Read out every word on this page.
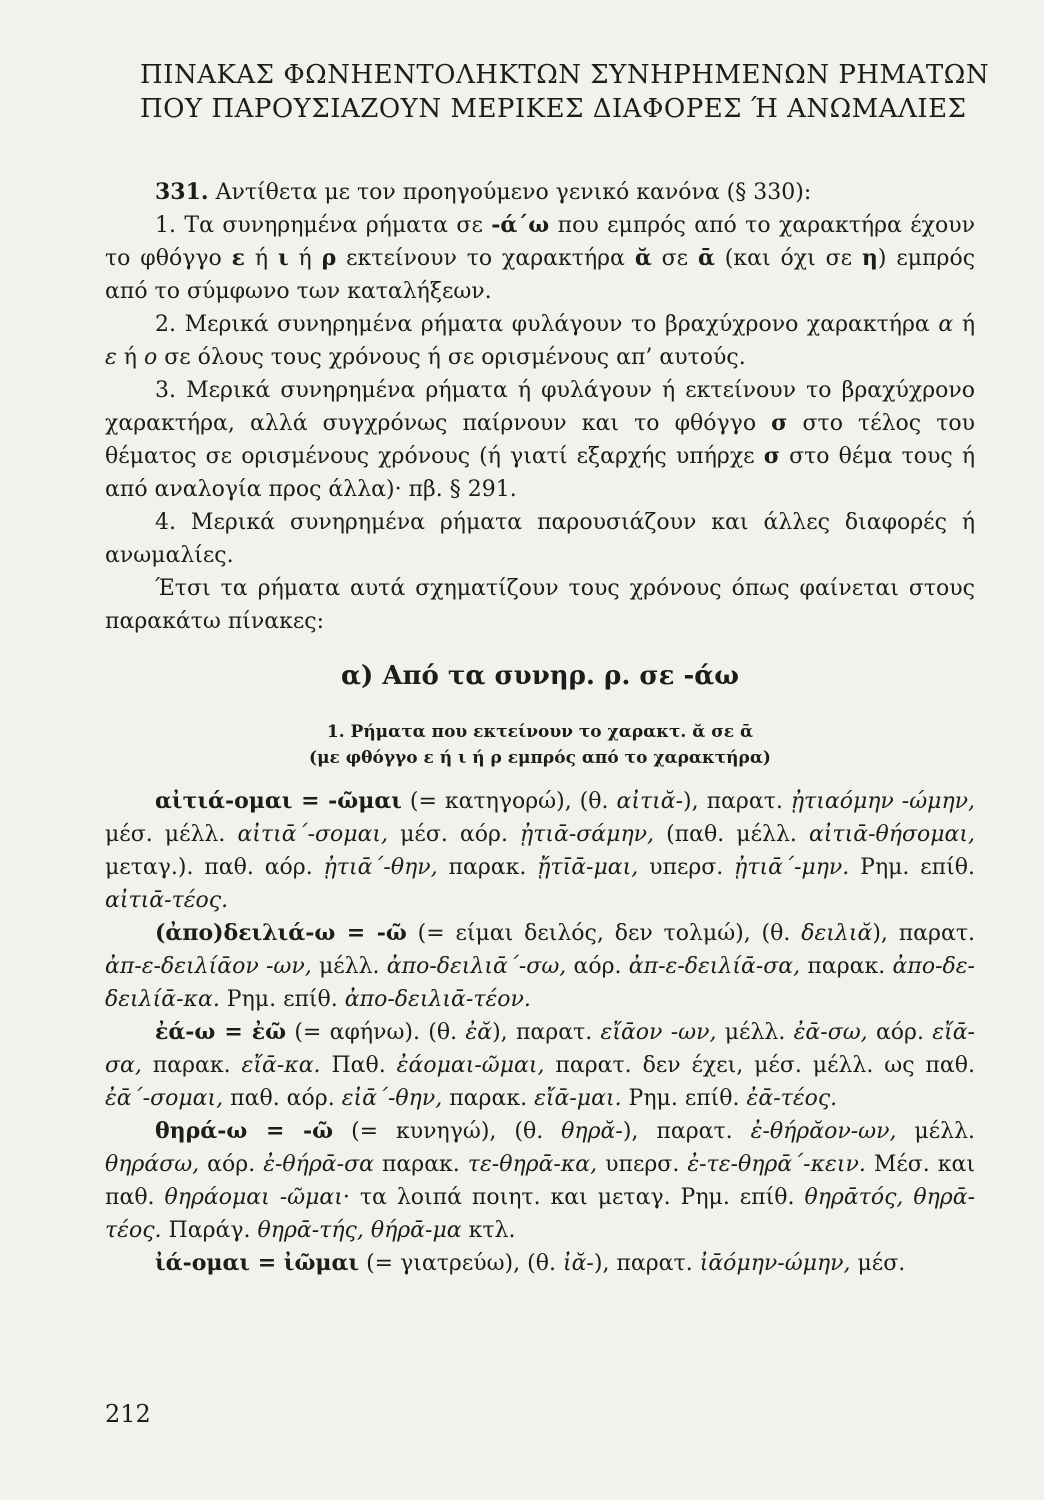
ΠΙΝΑΚΑΣ ΦΩΝΗΕΝΤΟΛΗΚΤΩΝ ΣΥΝΗΡΗΜΕΝΩΝ ΡΗΜΑΤΩΝ
ΠΟΥ ΠΑΡΟΥΣΙΑΖΟΥΝ ΜΕΡΙΚΕΣ ΔΙΑΦΟΡΕΣ Ή ΑΝΩΜΑΛΙΕΣ

331. Αντίθετα με τον προηγούμενο γενικό κανόνα (§ 330):

1. Τα συνηρημένα ρήματα σε -ά΄ω που εμπρός από το χαρακτήρα έχουν το φθόγγο ε ή ι ή ρ εκτείνουν το χαρακτήρα ᾰ σε ᾱ (και όχι σε η) εμπρός από το σύμφωνο των καταλήξεων.

2. Μερικά συνηρημένα ρήματα φυλάγουν το βραχύχρονο χαρακτήρα α ή ε ή ο σε όλους τους χρόνους ή σε ορισμένους απ’ αυτούς.

3. Μερικά συνηρημένα ρήματα ή φυλάγουν ή εκτείνουν το βραχύχρονο χαρακτήρα, αλλά συγχρόνως παίρνουν και το φθόγγο σ στο τέλος του θέματος σε ορισμένους χρόνους (ή γιατί εξαρχής υπήρχε σ στο θέμα τους ή από αναλογία προς άλλα)· πβ. § 291.

4. Μερικά συνηρημένα ρήματα παρουσιάζουν και άλλες διαφορές ή ανωμαλίες.

Έτσι τα ρήματα αυτά σχηματίζουν τους χρόνους όπως φαίνεται στους παρακάτω πίνακες:

α) Από τα συνηρ. ρ. σε -άω

1. Ρήματα που εκτείνουν το χαρακτ. ᾰ σε ᾱ
(με φθόγγο ε ή ι ή ρ εμπρός από το χαρακτήρα)

αἰτιά-ομαι = -ῶμαι (= κατηγορώ), (θ. αἰτιᾰ-), παρατ. ᾐτιαόμην -ώμην, μέσ. μέλλ. αἰτιᾱ΄-σομαι, μέσ. αόρ. ᾐτιᾱ-σάμην, (παθ. μέλλ. αἰτιᾱ-θήσομαι, μεταγ.). παθ. αόρ. ᾐτιᾱ΄-θην, παρακ. ᾔτῑᾱ-μαι, υπερσ. ᾐτιᾱ΄-μην. Ρημ. επίθ. αἰτιᾱ-τέος.

(ἀπο)δειλιά-ω = -ῶ (= είμαι δειλός, δεν τολμώ), (θ. δειλιᾰ), παρατ. ἀπ-ε-δειλίᾱον -ων, μέλλ. ἀπο-δειλιᾱ΄-σω, αόρ. ἀπ-ε-δειλίᾱ-σα, παρακ. ἀπο-δε-δειλίᾱ-κα. Ρημ. επίθ. ἀπο-δειλιᾱ-τέον.

ἐά-ω = ἐῶ (= αφήνω). (θ. ἐᾰ), παρατ. εἴᾱον -ων, μέλλ. ἐᾱ-σω, αόρ. εἴᾱ-σα, παρακ. εἴᾱ-κα. Παθ. ἐάομαι-ῶμαι, παρατ. δεν έχει, μέσ. μέλλ. ως παθ. ἐᾱ΄-σομαι, παθ. αόρ. εἰᾱ΄-θην, παρακ. εἴᾱ-μαι. Ρημ. επίθ. ἐᾱ-τέος.

θηρά-ω = -ῶ (= κυνηγώ), (θ. θηρᾰ-), παρατ. ἐ-θήρᾰον-ων, μέλλ. θηράσω, αόρ. ἐ-θήρᾱ-σα παρακ. τε-θηρᾱ-κα, υπερσ. ἐ-τε-θηρᾱ΄-κειν. Μέσ. και παθ. θηράομαι -ῶμαι· τα λοιπά ποιητ. και μεταγ. Ρημ. επίθ. θηρᾱτός, θηρᾱ-τέος. Παράγ. θηρᾱ-τής, θήρᾱ-μα κτλ.

ἰά-ομαι = ἰῶμαι (= γιατρεύω), (θ. ἰᾰ-), παρατ. ἰᾱόμην-ώμην, μέσ.

212
